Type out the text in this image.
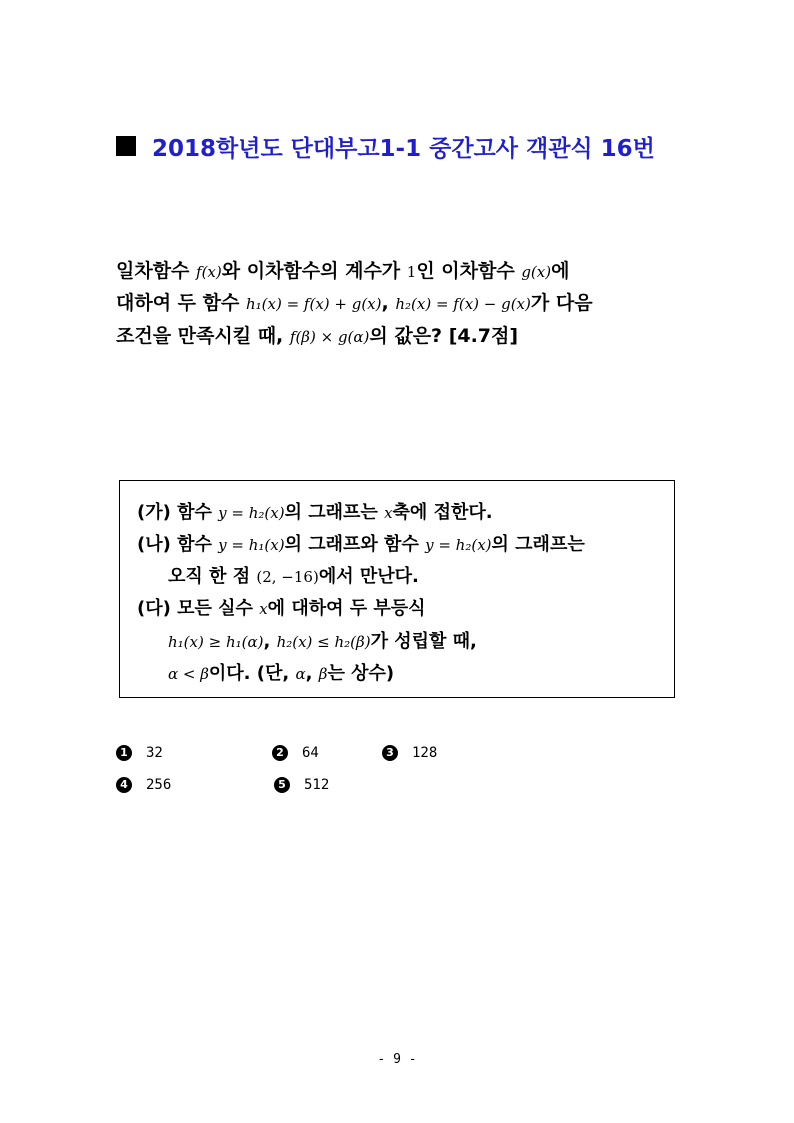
2018학년도 단대부고1-1 중간고사 객관식 16번
일차함수 f(x)와 이차함수의 계수가 1인 이차함수 g(x)에
대하여 두 함수 h₁(x) = f(x) + g(x), h₂(x) = f(x) − g(x)가 다음
조건을 만족시킬 때, f(β) × g(α)의 값은? [4.7점]
(가) 함수 y = h₂(x)의 그래프는 x축에 접한다.
(나) 함수 y = h₁(x)의 그래프와 함수 y = h₂(x)의 그래프는
오직 한 점 (2, −16)에서 만난다.
(다) 모든 실수 x에 대하여 두 부등식
h₁(x) ≥ h₁(α), h₂(x) ≤ h₂(β)가 성립할 때,
α < β이다. (단, α, β는 상수)
1 32	2 64	3 128
4 256	5 512
- 9 -
